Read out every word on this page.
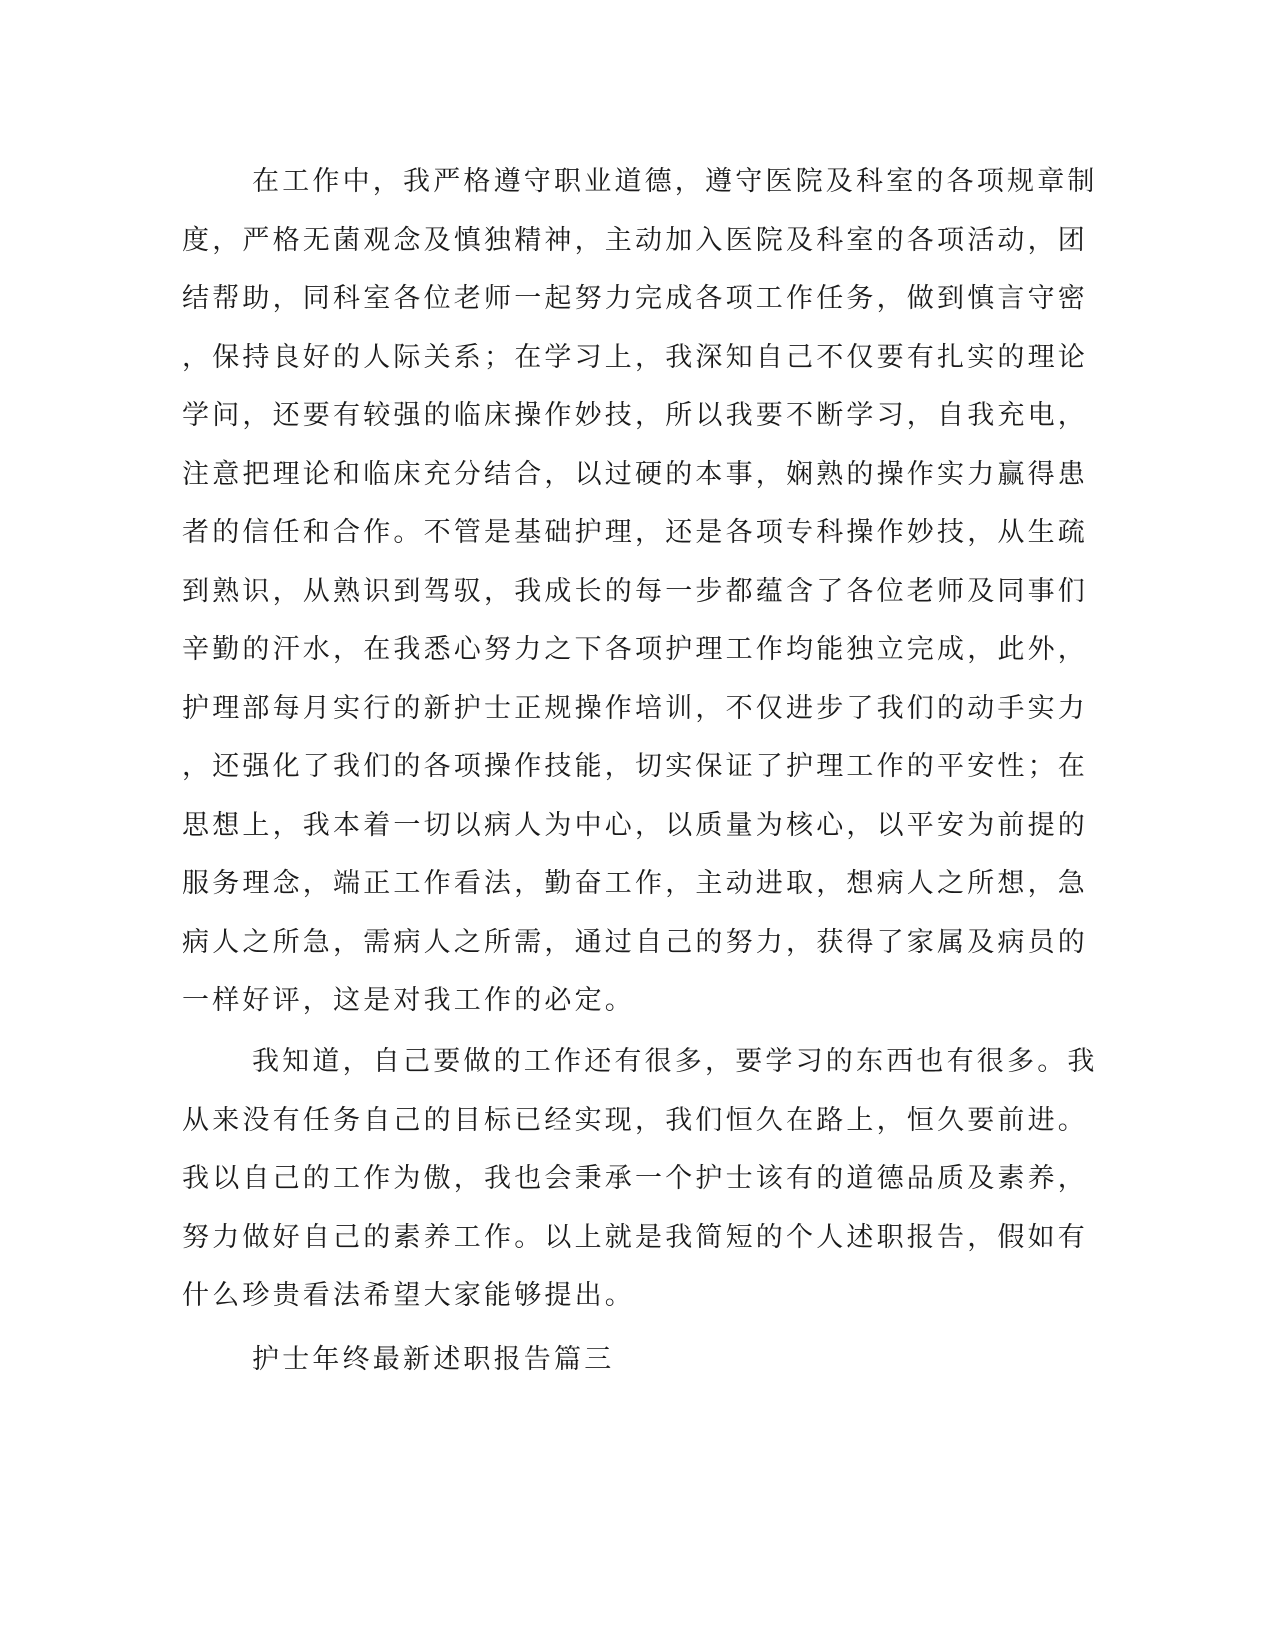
在工作中，我严格遵守职业道德，遵守医院及科室的各项规章制
度，严格无菌观念及慎独精神，主动加入医院及科室的各项活动，团
结帮助，同科室各位老师一起努力完成各项工作任务，做到慎言守密
，保持良好的人际关系；在学习上，我深知自己不仅要有扎实的理论
学问，还要有较强的临床操作妙技，所以我要不断学习，自我充电，
注意把理论和临床充分结合，以过硬的本事，娴熟的操作实力赢得患
者的信任和合作。不管是基础护理，还是各项专科操作妙技，从生疏
到熟识，从熟识到驾驭，我成长的每一步都蕴含了各位老师及同事们
辛勤的汗水，在我悉心努力之下各项护理工作均能独立完成，此外，
护理部每月实行的新护士正规操作培训，不仅进步了我们的动手实力
，还强化了我们的各项操作技能，切实保证了护理工作的平安性；在
思想上，我本着一切以病人为中心，以质量为核心，以平安为前提的
服务理念，端正工作看法，勤奋工作，主动进取，想病人之所想，急
病人之所急，需病人之所需，通过自己的努力，获得了家属及病员的
一样好评，这是对我工作的必定。
我知道，自己要做的工作还有很多，要学习的东西也有很多。我
从来没有任务自己的目标已经实现，我们恒久在路上，恒久要前进。
我以自己的工作为傲，我也会秉承一个护士该有的道德品质及素养，
努力做好自己的素养工作。以上就是我简短的个人述职报告，假如有
什么珍贵看法希望大家能够提出。
护士年终最新述职报告篇三
